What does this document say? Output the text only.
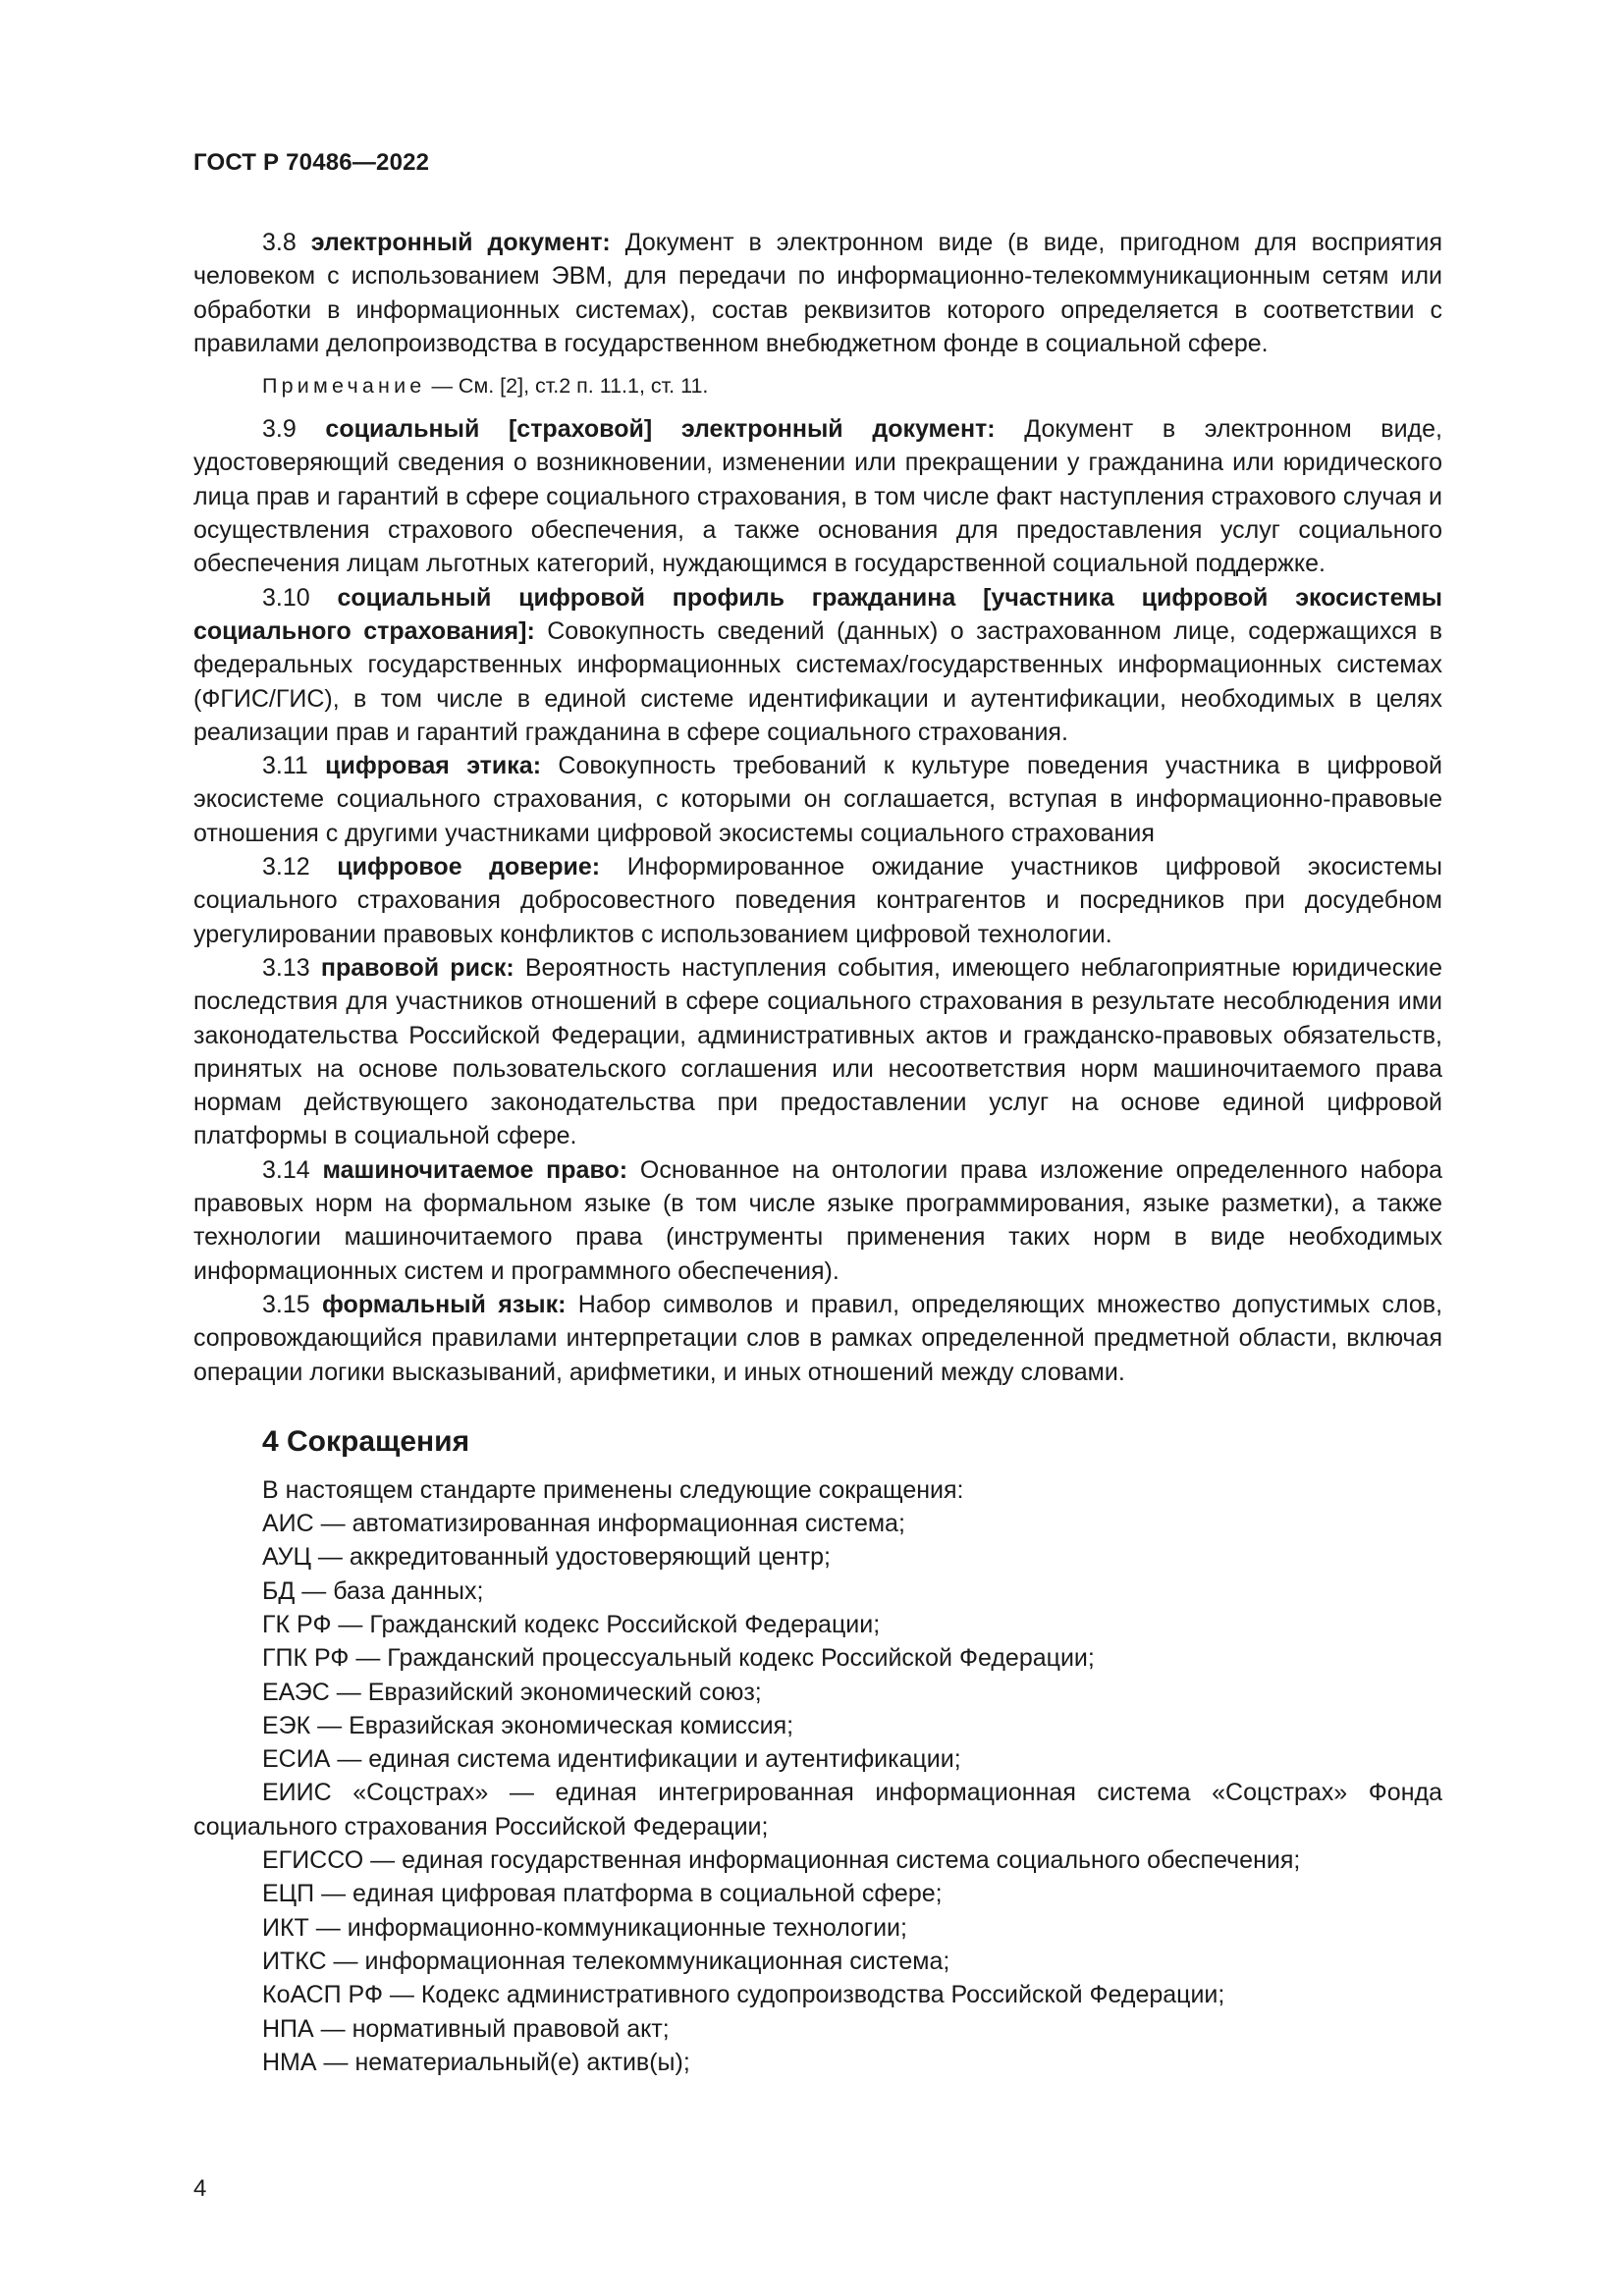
ГОСТ Р 70486—2022

3.8 электронный документ: Документ в электронном виде (в виде, пригодном для восприятия человеком с использованием ЭВМ, для передачи по информационно-телекоммуникационным сетям или обработки в информационных системах), состав реквизитов которого определяется в соответствии с правилами делопроизводства в государственном внебюджетном фонде в социальной сфере.

Примечание — См. [2], ст.2 п. 11.1, ст. 11.

3.9 социальный [страховой] электронный документ: Документ в электронном виде, удостоверяющий сведения о возникновении, изменении или прекращении у гражданина или юридического лица прав и гарантий в сфере социального страхования, в том числе факт наступления страхового случая и осуществления страхового обеспечения, а также основания для предоставления услуг социального обеспечения лицам льготных категорий, нуждающимся в государственной социальной поддержке.

3.10 социальный цифровой профиль гражданина [участника цифровой экосистемы социального страхования]: Совокупность сведений (данных) о застрахованном лице, содержащихся в федеральных государственных информационных системах/государственных информационных системах (ФГИС/ГИС), в том числе в единой системе идентификации и аутентификации, необходимых в целях реализации прав и гарантий гражданина в сфере социального страхования.

3.11 цифровая этика: Совокупность требований к культуре поведения участника в цифровой экосистеме социального страхования, с которыми он соглашается, вступая в информационно-правовые отношения с другими участниками цифровой экосистемы социального страхования

3.12 цифровое доверие: Информированное ожидание участников цифровой экосистемы социального страхования добросовестного поведения контрагентов и посредников при досудебном урегулировании правовых конфликтов с использованием цифровой технологии.

3.13 правовой риск: Вероятность наступления события, имеющего неблагоприятные юридические последствия для участников отношений в сфере социального страхования в результате несоблюдения ими законодательства Российской Федерации, административных актов и гражданско-правовых обязательств, принятых на основе пользовательского соглашения или несоответствия норм машиночитаемого права нормам действующего законодательства при предоставлении услуг на основе единой цифровой платформы в социальной сфере.

3.14 машиночитаемое право: Основанное на онтологии права изложение определенного набора правовых норм на формальном языке (в том числе языке программирования, языке разметки), а также технологии машиночитаемого права (инструменты применения таких норм в виде необходимых информационных систем и программного обеспечения).

3.15 формальный язык: Набор символов и правил, определяющих множество допустимых слов, сопровождающийся правилами интерпретации слов в рамках определенной предметной области, включая операции логики высказываний, арифметики, и иных отношений между словами.

4 Сокращения

В настоящем стандарте применены следующие сокращения:

АИС — автоматизированная информационная система;

АУЦ — аккредитованный удостоверяющий центр;

БД — база данных;

ГК РФ — Гражданский кодекс Российской Федерации;

ГПК РФ — Гражданский процессуальный кодекс Российской Федерации;

ЕАЭС — Евразийский экономический союз;

ЕЭК — Евразийская экономическая комиссия;

ЕСИА — единая система идентификации и аутентификации;

ЕИИС «Соцстрах» — единая интегрированная информационная система «Соцстрах» Фонда социального страхования Российской Федерации;

ЕГИССО — единая государственная информационная система социального обеспечения;

ЕЦП — единая цифровая платформа в социальной сфере;

ИКТ — информационно-коммуникационные технологии;

ИТКС — информационная телекоммуникационная система;

КоАСП РФ — Кодекс административного судопроизводства Российской Федерации;

НПА — нормативный правовой акт;

НМА — нематериальный(е) актив(ы);

4
